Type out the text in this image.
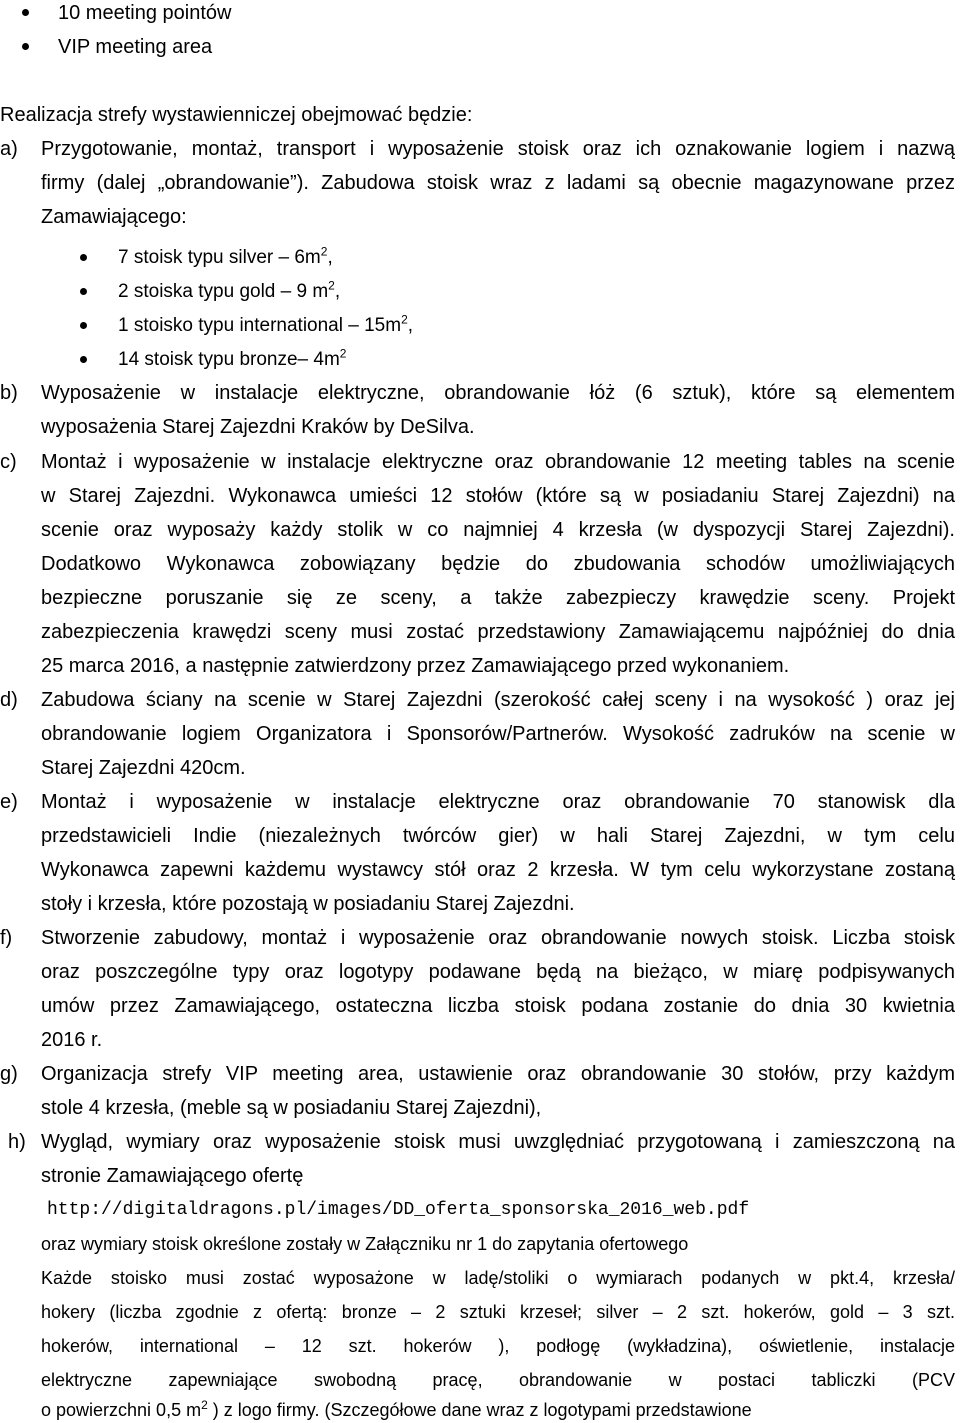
10 meeting pointów
VIP meeting area
Realizacja strefy wystawienniczej obejmować będzie:
a) Przygotowanie, montaż, transport i wyposażenie stoisk oraz ich oznakowanie logiem i nazwą
firmy (dalej „obrandowanie”). Zabudowa stoisk wraz z ladami są obecnie magazynowane przez
Zamawiającego:
7 stoisk typu silver – $6m^2$,
2 stoiska typu gold – 9 $m^2$,
1 stoisko typu international – $15m^2$,
14 stoisk typu bronze– $4m^2$
b) Wyposażenie w instalacje elektryczne, obrandowanie łóż (6 sztuk), które są elementem
wyposażenia Starej Zajezdni Kraków by DeSilva.
c) Montaż i wyposażenie w instalacje elektryczne oraz obrandowanie 12 meeting tables na scenie
w Starej Zajezdni. Wykonawca umieści 12 stołów (które są w posiadaniu Starej Zajezdni) na
scenie oraz wyposaży każdy stolik w co najmniej 4 krzesła (w dyspozycji Starej Zajezdni).
Dodatkowo Wykonawca zobowiązany będzie do zbudowania schodów umożliwiających
bezpieczne poruszanie się ze sceny, a także zabezpieczy krawędzie sceny. Projekt
zabezpieczenia krawędzi sceny musi zostać przedstawiony Zamawiającemu najpóźniej do dnia
25 marca 2016, a następnie zatwierdzony przez Zamawiającego przed wykonaniem.
d) Zabudowa ściany na scenie w Starej Zajezdni (szerokość całej sceny i na wysokość ) oraz jej
obrandowanie logiem Organizatora i Sponsorów/Partnerów. Wysokość zadruków na scenie w
Starej Zajezdni 420cm.
e) Montaż i wyposażenie w instalacje elektryczne oraz obrandowanie 70 stanowisk dla
przedstawicieli Indie (niezależnych twórców gier) w hali Starej Zajezdni, w tym celu
Wykonawca zapewni każdemu wystawcy stół oraz 2 krzesła. W tym celu wykorzystane zostaną
stoły i krzesła, które pozostają w posiadaniu Starej Zajezdni.
f) Stworzenie zabudowy, montaż i wyposażenie oraz obrandowanie nowych stoisk. Liczba stoisk
oraz poszczególne typy oraz logotypy podawane będą na bieżąco, w miarę podpisywanych
umów przez Zamawiającego, ostateczna liczba stoisk podana zostanie do dnia 30 kwietnia
2016 r.
g) Organizacja strefy VIP meeting area, ustawienie oraz obrandowanie 30 stołów, przy każdym
stole 4 krzesła, (meble są w posiadaniu Starej Zajezdni),
h) Wygląd, wymiary oraz wyposażenie stoisk musi uwzględniać przygotowaną i zamieszczoną na
stronie Zamawiającego ofertę
http://digitaldragons.pl/images/DD_oferta_sponsorska_2016_web.pdf
oraz wymiary stoisk określone zostały w Załączniku nr 1 do zapytania ofertowego
Każde stoisko musi zostać wyposażone w ladę/stoliki o wymiarach podanych w pkt.4, krzesła/
hokery (liczba zgodnie z ofertą: bronze – 2 sztuki krzeseł; silver – 2 szt. hokerów, gold – 3 szt.
hokerów, international – 12 szt. hokerów ), podłogę (wykładzina), oświetlenie, instalacje
elektryczne zapewniające swobodną pracę, obrandowanie w postaci tabliczki (PCV
o powierzchni 0,5 $m^2$ ) z logo firmy. (Szczegółowe dane wraz z logotypami przedstawione
